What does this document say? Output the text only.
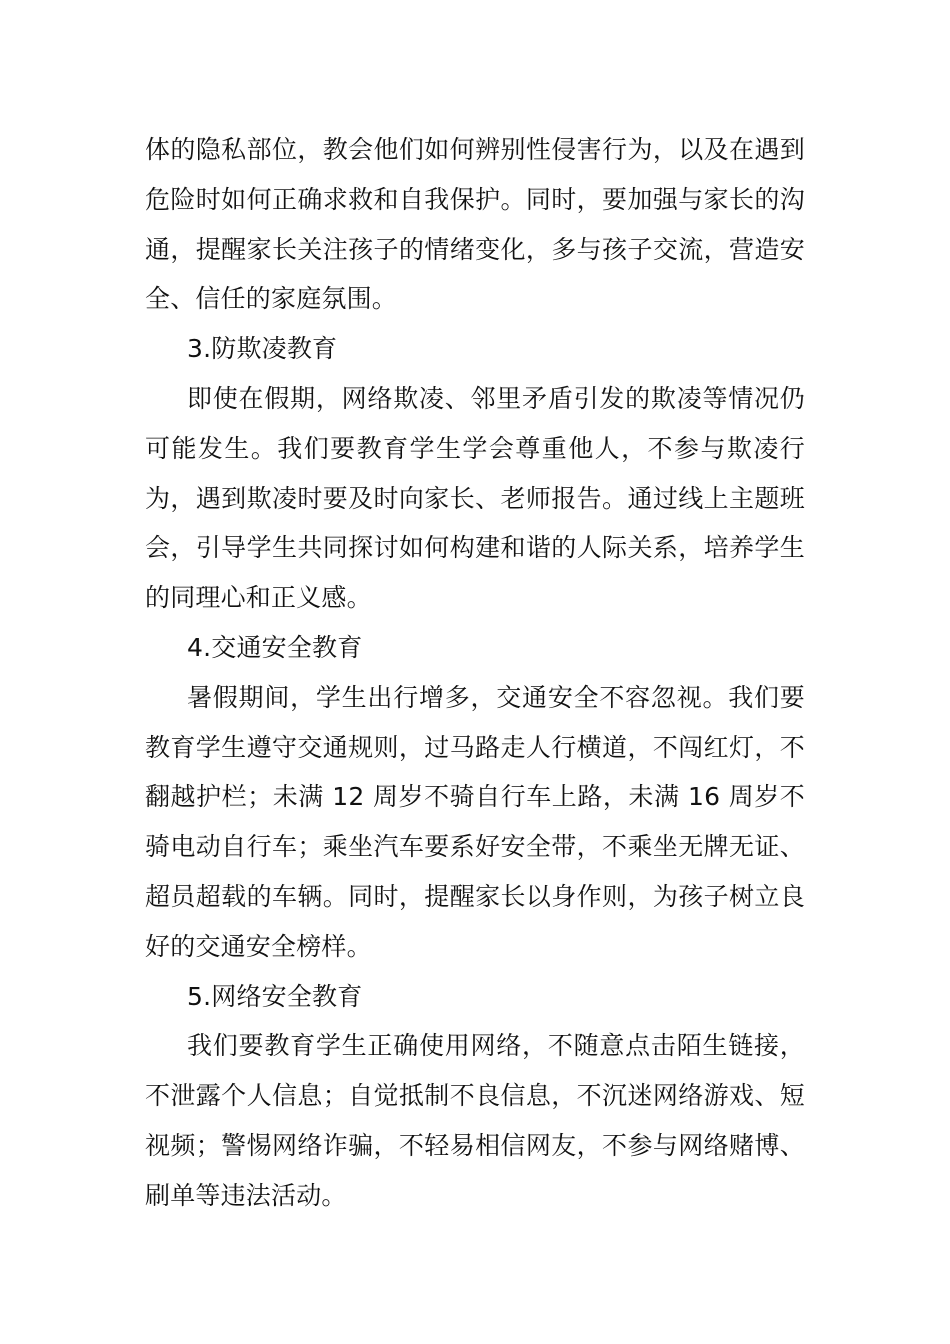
体的隐私部位，教会他们如何辨别性侵害行为，以及在遇到危险时如何正确求救和自我保护。同时，要加强与家长的沟通，提醒家长关注孩子的情绪变化，多与孩子交流，营造安全、信任的家庭氛围。

3.防欺凌教育

即使在假期，网络欺凌、邻里矛盾引发的欺凌等情况仍可能发生。我们要教育学生学会尊重他人，不参与欺凌行为，遇到欺凌时要及时向家长、老师报告。通过线上主题班会，引导学生共同探讨如何构建和谐的人际关系，培养学生的同理心和正义感。

4.交通安全教育

暑假期间，学生出行增多，交通安全不容忽视。我们要教育学生遵守交通规则，过马路走人行横道，不闯红灯，不翻越护栏；未满 12 周岁不骑自行车上路，未满 16 周岁不骑电动自行车；乘坐汽车要系好安全带，不乘坐无牌无证、超员超载的车辆。同时，提醒家长以身作则，为孩子树立良好的交通安全榜样。

5.网络安全教育

我们要教育学生正确使用网络，不随意点击陌生链接，不泄露个人信息；自觉抵制不良信息，不沉迷网络游戏、短视频；警惕网络诈骗，不轻易相信网友，不参与网络赌博、刷单等违法活动。
